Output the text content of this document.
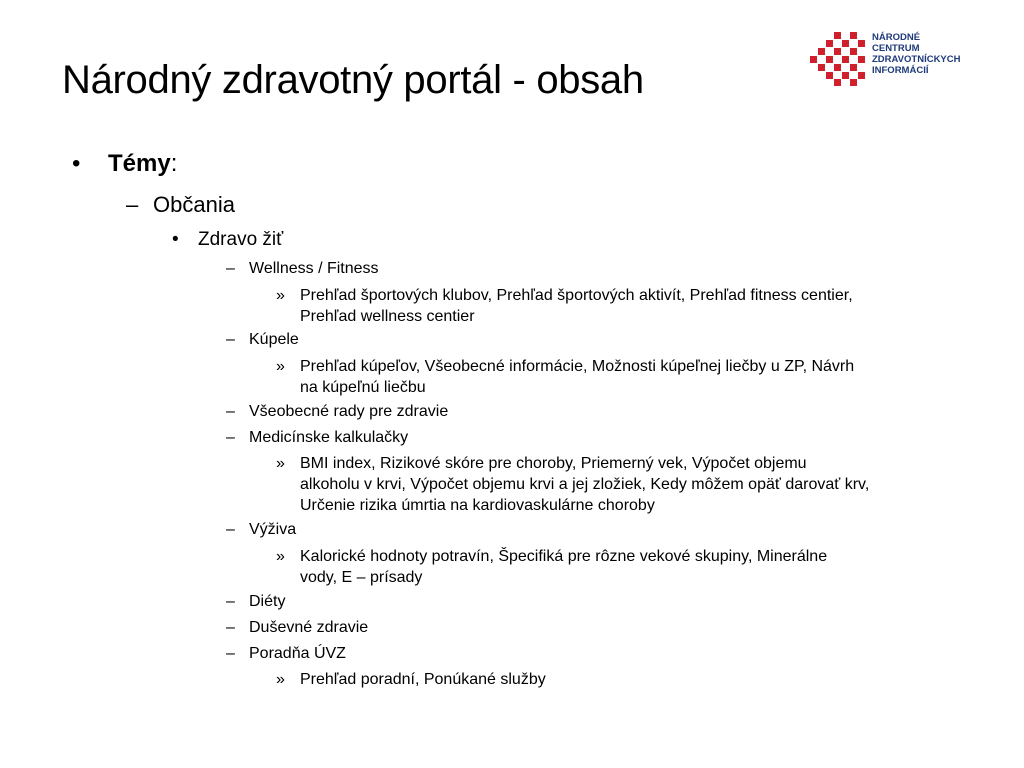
Národný zdravotný portál - obsah
NÁRODNÉ
CENTRUM
ZDRAVOTNÍCKYCH
INFORMÁCIÍ
• Témy:
– Občania
• Zdravo žiť
– Wellness / Fitness
» Prehľad športových klubov, Prehľad športových aktivít, Prehľad fitness centier,
Prehľad wellness centier
– Kúpele
» Prehľad kúpeľov, Všeobecné informácie, Možnosti kúpeľnej liečby u ZP, Návrh
na kúpeľnú liečbu
– Všeobecné rady pre zdravie
– Medicínske kalkulačky
» BMI index, Rizikové skóre pre choroby, Priemerný vek, Výpočet objemu
alkoholu v krvi, Výpočet objemu krvi a jej zložiek, Kedy môžem opäť darovať krv,
Určenie rizika úmrtia na kardiovaskulárne choroby
– Výživa
» Kalorické hodnoty potravín, Špecifiká pre rôzne vekové skupiny, Minerálne
vody, E – prísady
– Diéty
– Duševné zdravie
– Poradňa ÚVZ
» Prehľad poradní, Ponúkané služby
